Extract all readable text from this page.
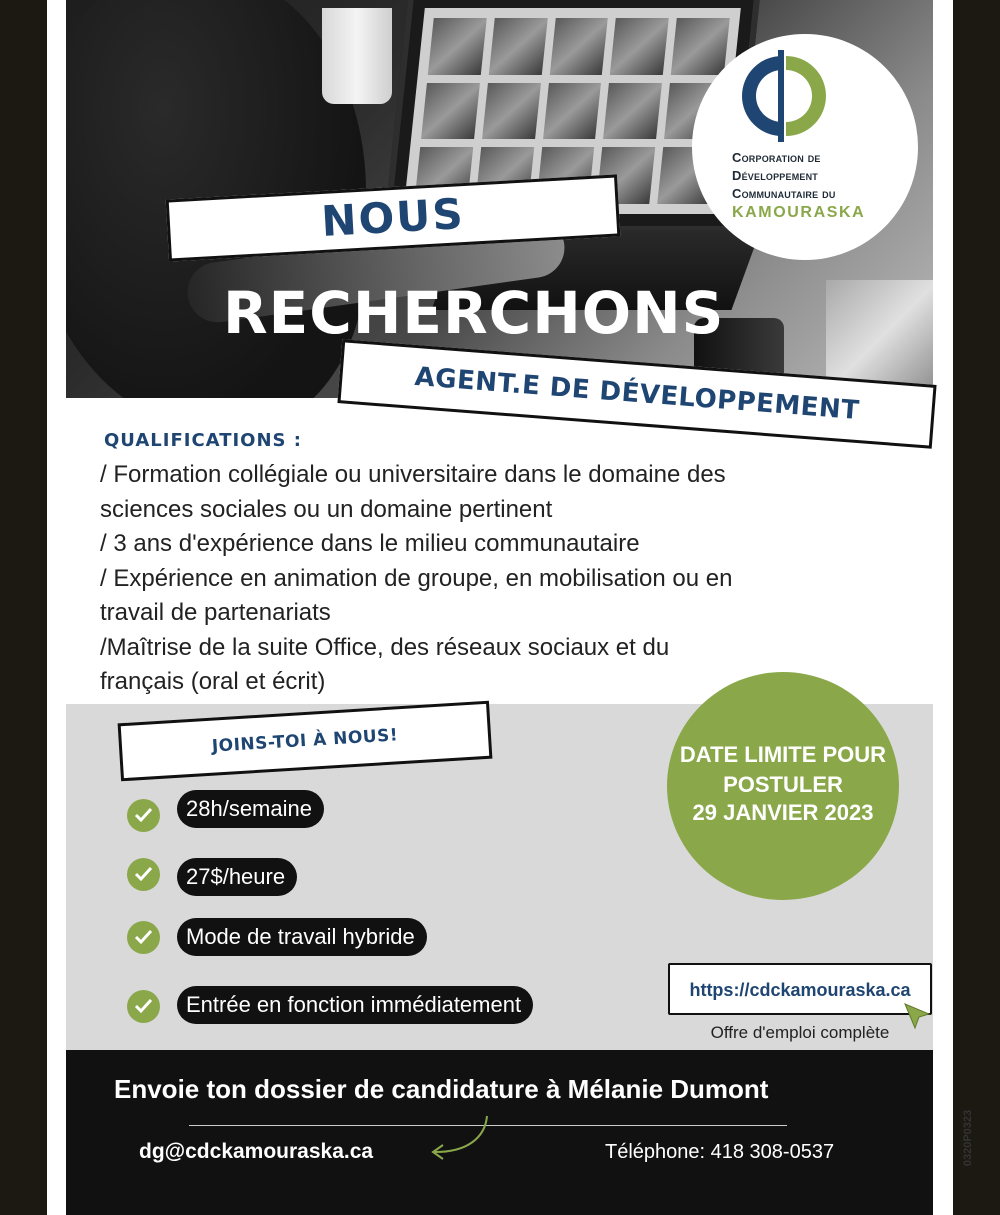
Corporation de
Développement
Communautaire du
KAMOURASKA
NOUS
RECHERCHONS
AGENT.E DE DÉVELOPPEMENT
QUALIFICATIONS :
/ Formation collégiale ou universitaire dans le domaine des
sciences sociales ou un domaine pertinent
/ 3 ans d'expérience dans le milieu communautaire
/ Expérience en animation de groupe, en mobilisation ou en
travail de partenariats
/Maîtrise de la suite Office, des réseaux sociaux et du
français (oral et écrit)
JOINS-TOI À NOUS!
28h/semaine
27$/heure
Mode de travail hybride
Entrée en fonction immédiatement
DATE LIMITE POUR
POSTULER
29 JANVIER 2023
https://cdckamouraska.ca
Offre d'emploi complète
Envoie ton dossier de candidature à Mélanie Dumont
dg@cdckamouraska.ca	Téléphone: 418 308-0537	0320P0323
